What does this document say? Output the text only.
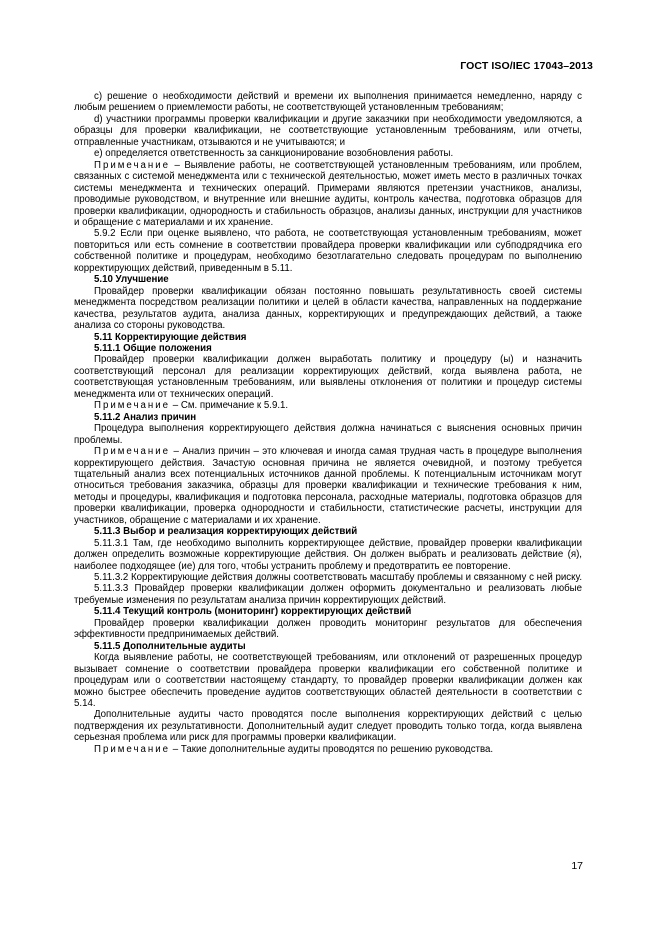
ГОСТ ISO/IEC 17043–2013

с) решение о необходимости действий и времени их выполнения принимается немедленно, наряду с любым решением о приемлемости работы, не соответствующей установленным требованиям;

d) участники программы проверки квалификации и другие заказчики при необходимости уведомляются, а образцы для проверки квалификации, не соответствующие установленным требованиям, или отчеты, отправленные участникам, отзываются и не учитываются; и

е) определяется ответственность за санкционирование возобновления работы.

Примечание – Выявление работы, не соответствующей установленным требованиям, или проблем, связанных с системой менеджмента или с технической деятельностью, может иметь место в различных точках системы менеджмента и технических операций. Примерами являются претензии участников, анализы, проводимые руководством, и внутренние или внешние аудиты, контроль качества, подготовка образцов для проверки квалификации, однородность и стабильность образцов, анализы данных, инструкции для участников и обращение с материалами и их хранение.

5.9.2 Если при оценке выявлено, что работа, не соответствующая установленным требованиям, может повториться или есть сомнение в соответствии провайдера проверки квалификации или субподрядчика его собственной политике и процедурам, необходимо безотлагательно следовать процедурам по выполнению корректирующих действий, приведенным в 5.11.

5.10 Улучшение

Провайдер проверки квалификации обязан постоянно повышать результативность своей системы менеджмента посредством реализации политики и целей в области качества, направленных на поддержание качества, результатов аудита, анализа данных, корректирующих и предупреждающих действий, а также анализа со стороны руководства.

5.11 Корректирующие действия

5.11.1 Общие положения

Провайдер проверки квалификации должен выработать политику и процедуру (ы) и назначить соответствующий персонал для реализации корректирующих действий, когда выявлена работа, не соответствующая установленным требованиям, или выявлены отклонения от политики и процедур системы менеджмента или от технических операций.

Примечание – См. примечание к 5.9.1.

5.11.2 Анализ причин

Процедура выполнения корректирующего действия должна начинаться с выяснения основных причин проблемы.

Примечание – Анализ причин – это ключевая и иногда самая трудная часть в процедуре выполнения корректирующего действия. Зачастую основная причина не является очевидной, и поэтому требуется тщательный анализ всех потенциальных источников данной проблемы. К потенциальным источникам могут относиться требования заказчика, образцы для проверки квалификации и технические требования к ним, методы и процедуры, квалификация и подготовка персонала, расходные материалы, подготовка образцов для проверки квалификации, проверка однородности и стабильности, статистические расчеты, инструкции для участников, обращение с материалами и их хранение.

5.11.3 Выбор и реализация корректирующих действий

5.11.3.1 Там, где необходимо выполнить корректирующее действие, провайдер проверки квалификации должен определить возможные корректирующие действия. Он должен выбрать и реализовать действие (я), наиболее подходящее (ие) для того, чтобы устранить проблему и предотвратить ее повторение.

5.11.3.2 Корректирующие действия должны соответствовать масштабу проблемы и связанному с ней риску.

5.11.3.3 Провайдер проверки квалификации должен оформить документально и реализовать любые требуемые изменения по результатам анализа причин корректирующих действий.

5.11.4 Текущий контроль (мониторинг) корректирующих действий

Провайдер проверки квалификации должен проводить мониторинг результатов для обеспечения эффективности предпринимаемых действий.

5.11.5 Дополнительные аудиты

Когда выявление работы, не соответствующей требованиям, или отклонений от разрешенных процедур вызывает сомнение о соответствии провайдера проверки квалификации его собственной политике и процедурам или о соответствии настоящему стандарту, то провайдер проверки квалификации должен как можно быстрее обеспечить проведение аудитов соответствующих областей деятельности в соответствии с 5.14.

Дополнительные аудиты часто проводятся после выполнения корректирующих действий с целью подтверждения их результативности. Дополнительный аудит следует проводить только тогда, когда выявлена серьезная проблема или риск для программы проверки квалификации.

Примечание – Такие дополнительные аудиты проводятся по решению руководства.

17
